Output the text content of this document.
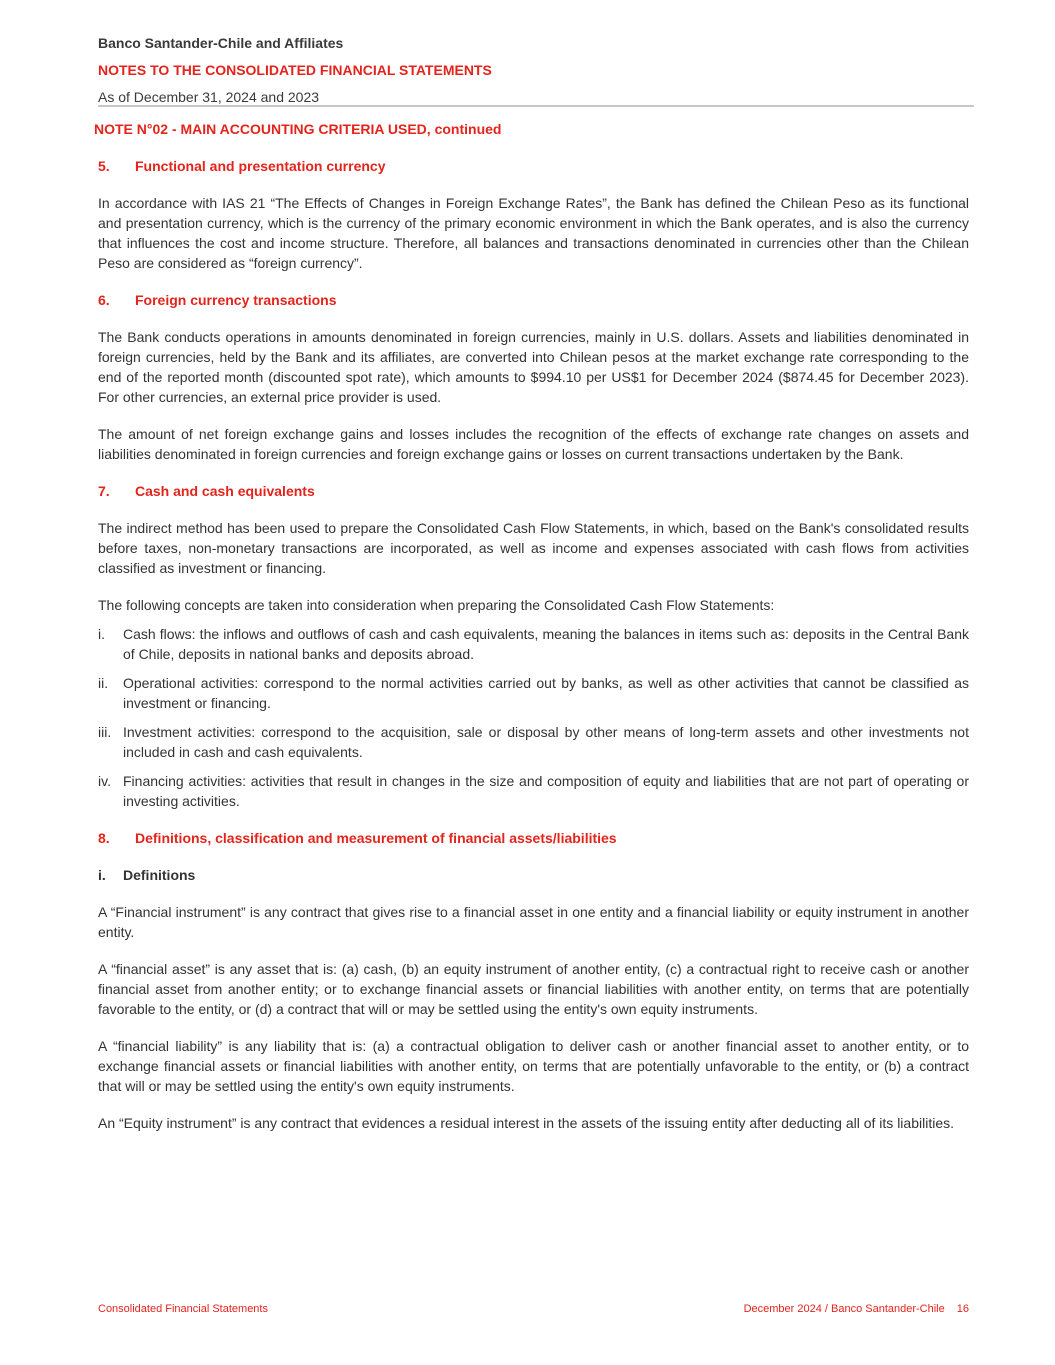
Banco Santander-Chile and Affiliates
NOTES TO THE CONSOLIDATED FINANCIAL STATEMENTS
As of December 31, 2024 and 2023
NOTE N°02 - MAIN ACCOUNTING CRITERIA USED, continued
5.	Functional and presentation currency

In accordance with IAS 21 “The Effects of Changes in Foreign Exchange Rates”, the Bank has defined the Chilean Peso as its functional and presentation currency, which is the currency of the primary economic environment in which the Bank operates, and is also the currency that influences the cost and income structure. Therefore, all balances and transactions denominated in currencies other than the Chilean Peso are considered as “foreign currency”.

6.	Foreign currency transactions

The Bank conducts operations in amounts denominated in foreign currencies, mainly in U.S. dollars. Assets and liabilities denominated in foreign currencies, held by the Bank and its affiliates, are converted into Chilean pesos at the market exchange rate corresponding to the end of the reported month (discounted spot rate), which amounts to $994.10 per US$1 for December 2024 ($874.45 for December 2023). For other currencies, an external price provider is used.

The amount of net foreign exchange gains and losses includes the recognition of the effects of exchange rate changes on assets and liabilities denominated in foreign currencies and foreign exchange gains or losses on current transactions undertaken by the Bank.

7.	Cash and cash equivalents

The indirect method has been used to prepare the Consolidated Cash Flow Statements, in which, based on the Bank's consolidated results before taxes, non-monetary transactions are incorporated, as well as income and expenses associated with cash flows from activities classified as investment or financing.

The following concepts are taken into consideration when preparing the Consolidated Cash Flow Statements:

i.	Cash flows: the inflows and outflows of cash and cash equivalents, meaning the balances in items such as: deposits in the Central Bank of Chile, deposits in national banks and deposits abroad.
ii.	Operational activities: correspond to the normal activities carried out by banks, as well as other activities that cannot be classified as investment or financing.
iii. Investment activities: correspond to the acquisition, sale or disposal by other means of long-term assets and other investments not included in cash and cash equivalents.
iv. Financing activities: activities that result in changes in the size and composition of equity and liabilities that are not part of operating or investing activities.
8.	Definitions, classification and measurement of financial assets/liabilities
i.	Definitions

A “Financial instrument” is any contract that gives rise to a financial asset in one entity and a financial liability or equity instrument in another entity.

A “financial asset” is any asset that is: (a) cash, (b) an equity instrument of another entity, (c) a contractual right to receive cash or another financial asset from another entity; or to exchange financial assets or financial liabilities with another entity, on terms that are potentially favorable to the entity, or (d) a contract that will or may be settled using the entity's own equity instruments.

A “financial liability” is any liability that is: (a) a contractual obligation to deliver cash or another financial asset to another entity, or to exchange financial assets or financial liabilities with another entity, on terms that are potentially unfavorable to the entity, or (b) a contract that will or may be settled using the entity's own equity instruments.

An “Equity instrument” is any contract that evidences a residual interest in the assets of the issuing entity after deducting all of its liabilities.

Consolidated Financial Statements	December 2024 / Banco Santander-Chile 16
